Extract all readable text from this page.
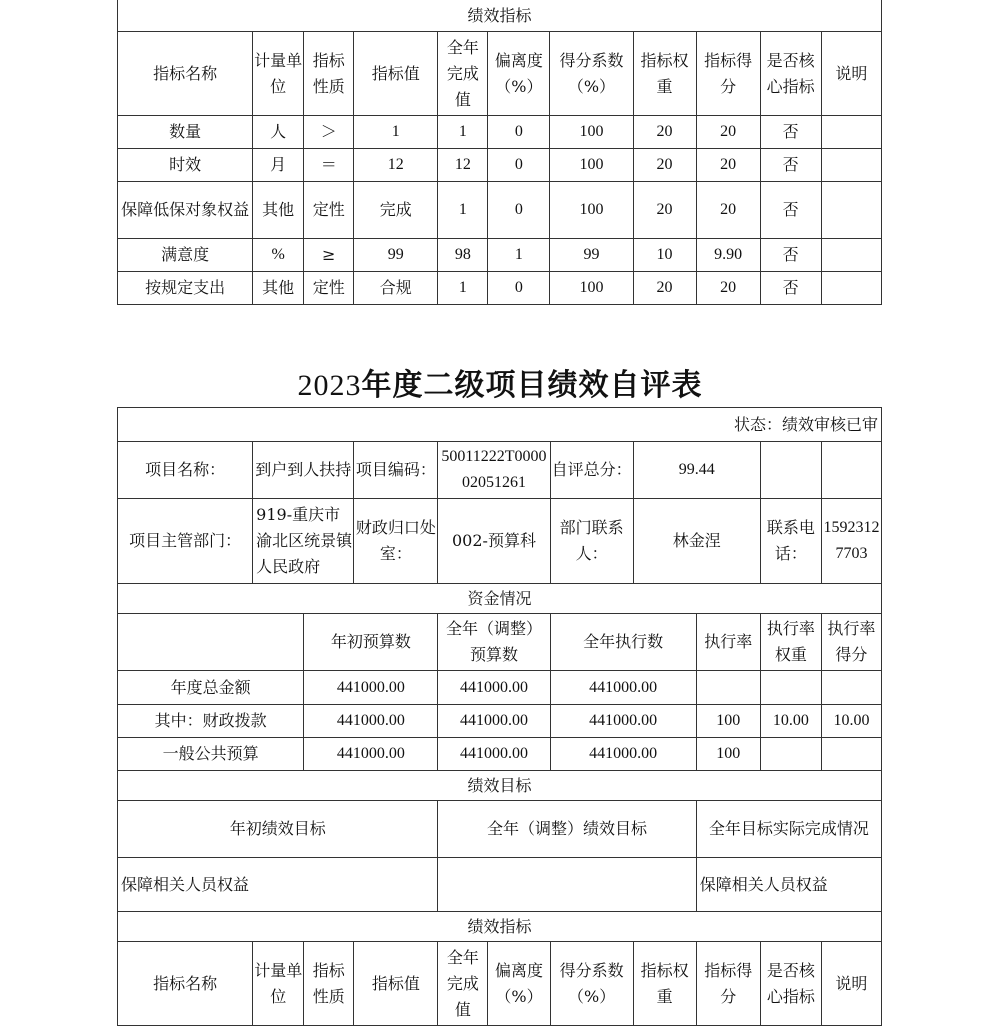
绩效指标										
指标名称	计量单位	指标性质	指标值	全年完成值	偏离度（%）	得分系数（%）	指标权重	指标得分	是否核心指标	说明
数量	人	＞	1	1	0	100	20	20	否	
时效	月	＝	12	12	0	100	20	20	否	
保障低保对象权益	其他	定性	完成	1	0	100	20	20	否	
满意度	%	≥	99	98	1	99	10	9.90	否	
按规定支出	其他	定性	合规	1	0	100	20	20	否	
2023年度二级项目绩效自评表
状态：绩效审核已审										
项目名称：	到户到人扶持		项目编码：	50011222T000002051261		自评总分：	99.44			
项目主管部门：	919-重庆市渝北区统景镇人民政府		财政归口处室：	002-预算科		部门联系人：	林金涅		联系电话：	15923127703
资金情况										
		年初预算数		全年（调整）预算数		全年执行数		执行率	执行率权重	执行率得分
年度总金额		441000.00		441000.00		441000.00				
其中：财政拨款		441000.00		441000.00		441000.00		100	10.00	10.00
一般公共预算		441000.00		441000.00		441000.00		100		
绩效目标										
年初绩效目标				全年（调整）绩效目标				全年目标实际完成情况		
保障相关人员权益								保障相关人员权益		
绩效指标										
指标名称	计量单位	指标性质	指标值	全年完成值	偏离度（%）	得分系数（%）	指标权重	指标得分	是否核心指标	说明
